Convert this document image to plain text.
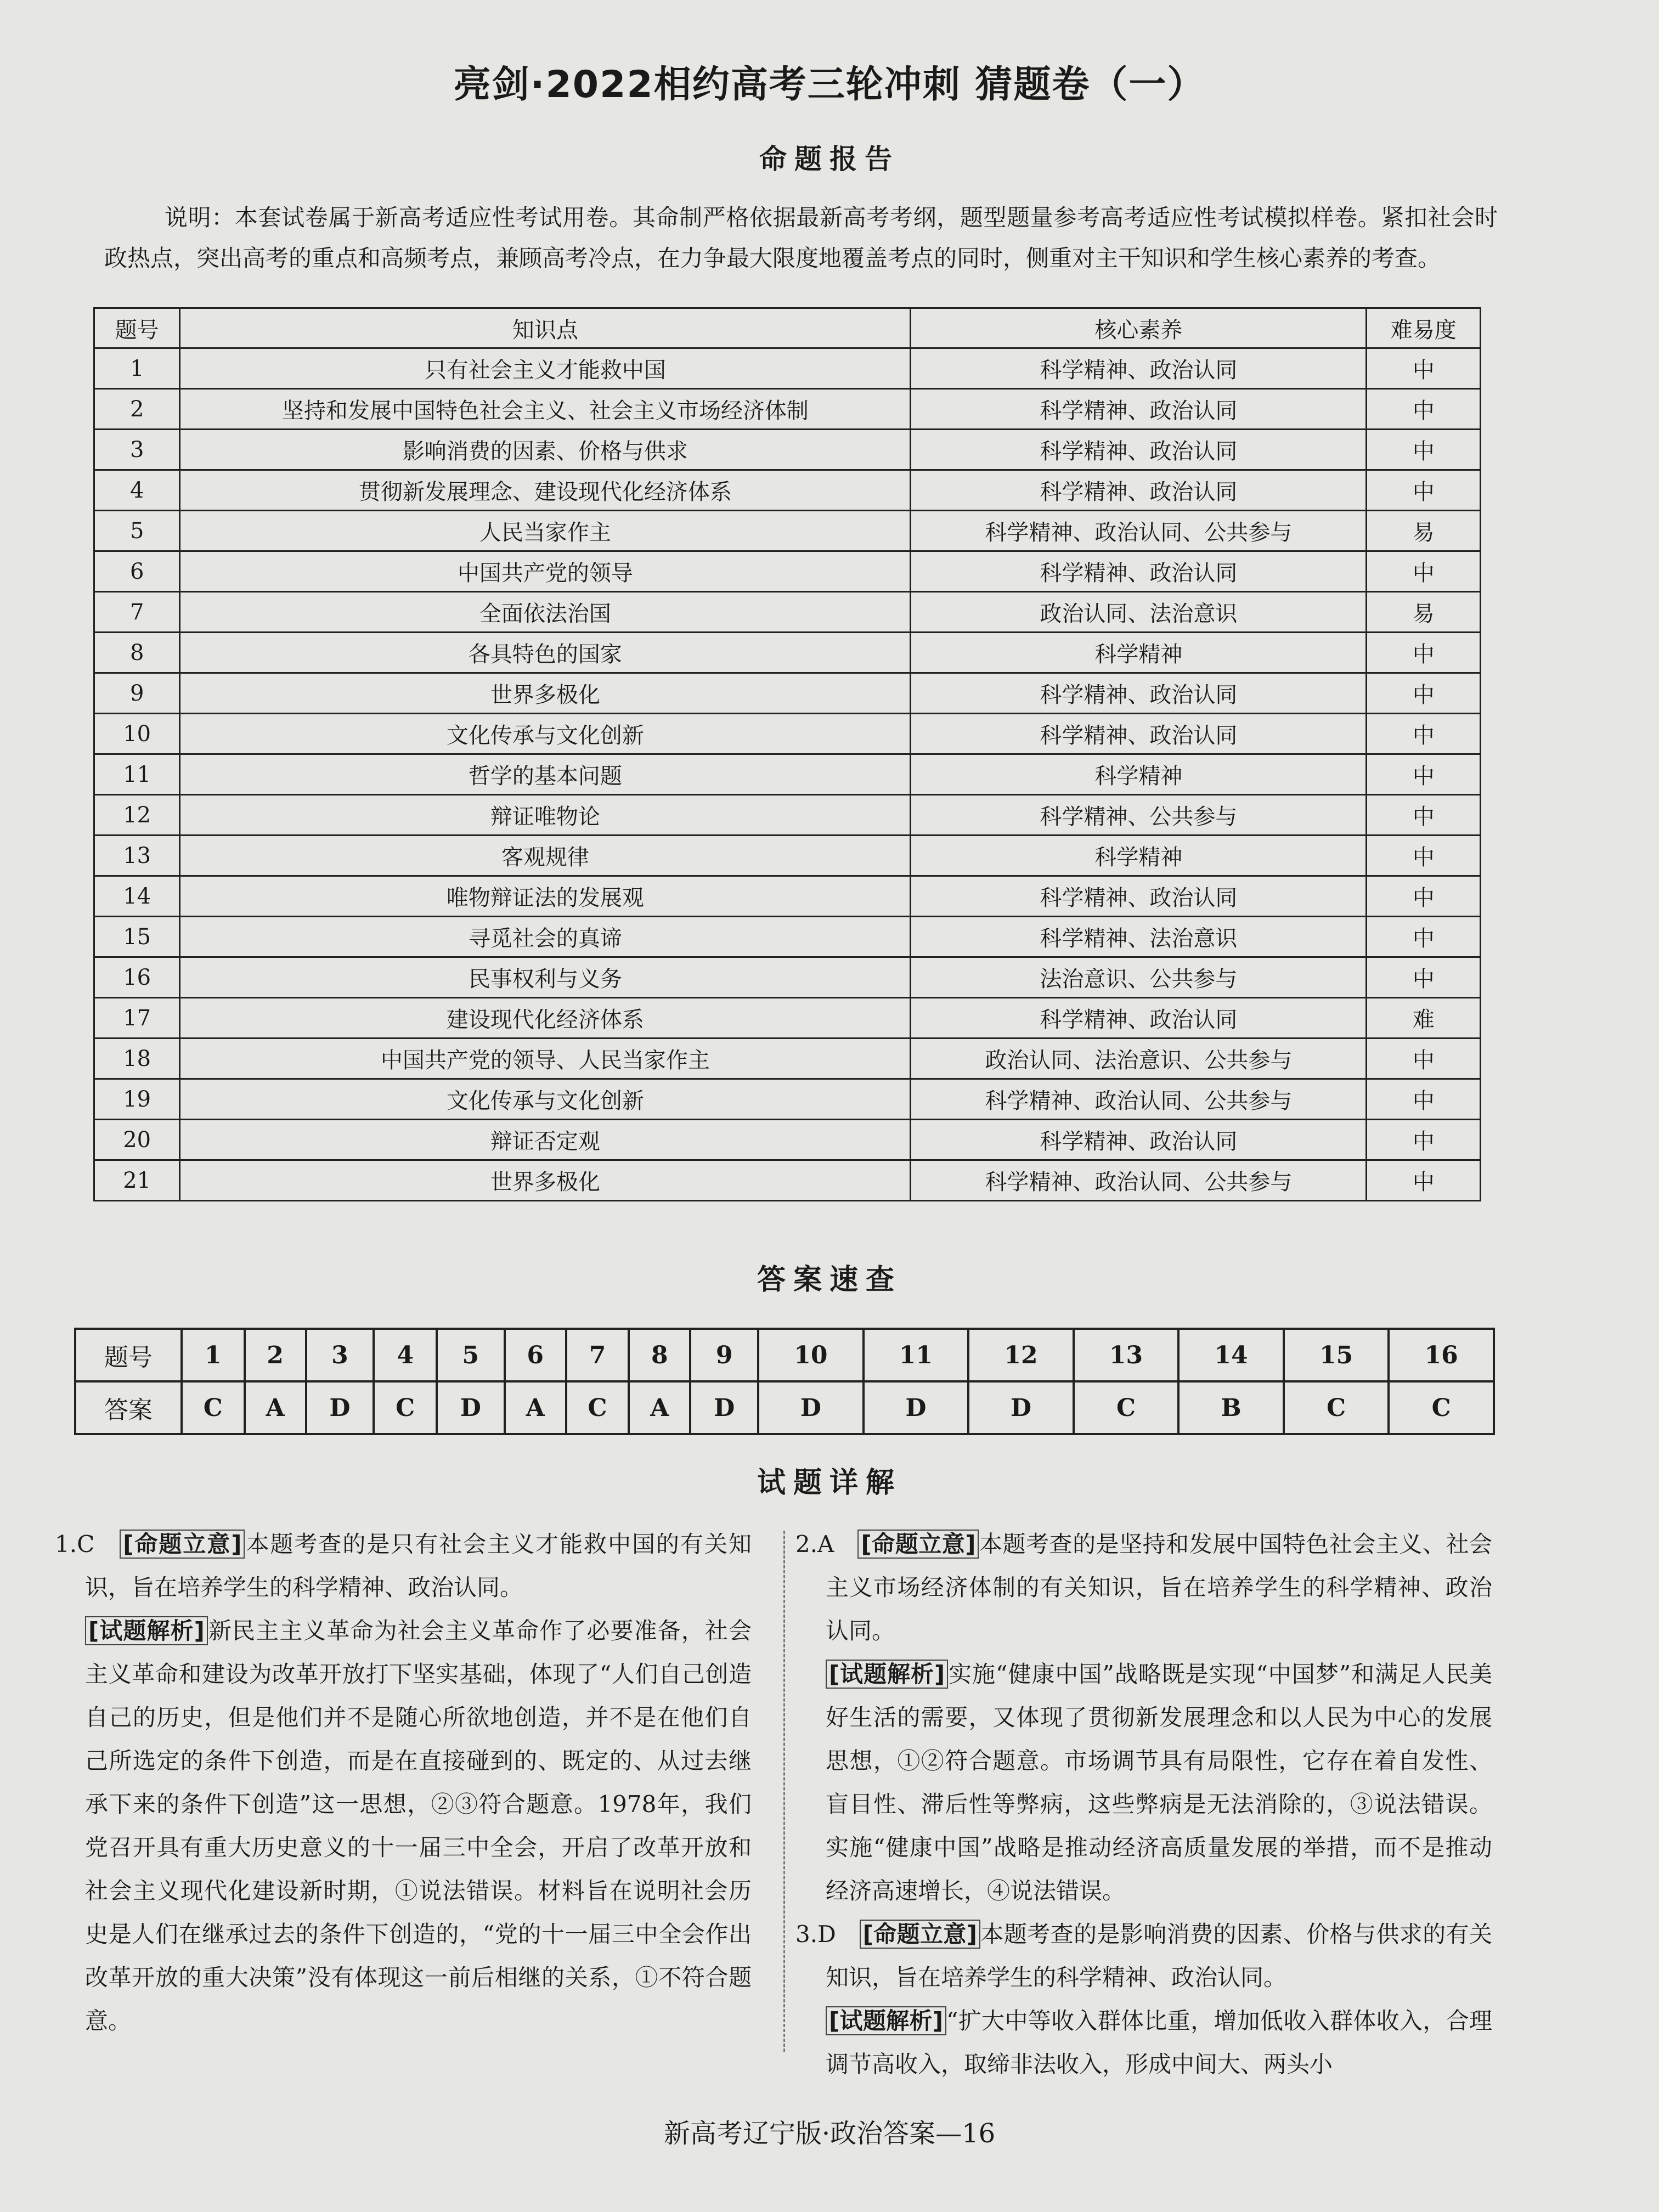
亮剑·2022相约高考三轮冲刺 猜题卷（一）
命题报告
说明：本套试卷属于新高考适应性考试用卷。其命制严格依据最新高考考纲，题型题量参考高考适应性考试模拟样卷。紧扣社会时政热点，突出高考的重点和高频考点，兼顾高考冷点，在力争最大限度地覆盖考点的同时，侧重对主干知识和学生核心素养的考查。
题号	知识点	核心素养	难易度
1	只有社会主义才能救中国	科学精神、政治认同	中
2	坚持和发展中国特色社会主义、社会主义市场经济体制	科学精神、政治认同	中
3	影响消费的因素、价格与供求	科学精神、政治认同	中
4	贯彻新发展理念、建设现代化经济体系	科学精神、政治认同	中
5	人民当家作主	科学精神、政治认同、公共参与	易
6	中国共产党的领导	科学精神、政治认同	中
7	全面依法治国	政治认同、法治意识	易
8	各具特色的国家	科学精神	中
9	世界多极化	科学精神、政治认同	中
10	文化传承与文化创新	科学精神、政治认同	中
11	哲学的基本问题	科学精神	中
12	辩证唯物论	科学精神、公共参与	中
13	客观规律	科学精神	中
14	唯物辩证法的发展观	科学精神、政治认同	中
15	寻觅社会的真谛	科学精神、法治意识	中
16	民事权利与义务	法治意识、公共参与	中
17	建设现代化经济体系	科学精神、政治认同	难
18	中国共产党的领导、人民当家作主	政治认同、法治意识、公共参与	中
19	文化传承与文化创新	科学精神、政治认同、公共参与	中
20	辩证否定观	科学精神、政治认同	中
21	世界多极化	科学精神、政治认同、公共参与	中
答案速查
题号	1	2	3	4	5	6	7	8	9	10	11	12	13	14	15	16
答案	C	A	D	C	D	A	C	A	D	D	D	D	C	B	C	C
试题详解

1.C　 [命题立意] 本题考查的是只有社会主义才能救中国的有关知识，旨在培养学生的科学精神、政治认同。

[试题解析] 新民主主义革命为社会主义革命作了必要准备，社会主义革命和建设为改革开放打下坚实基础，体现了“人们自己创造自己的历史，但是他们并不是随心所欲地创造，并不是在他们自己所选定的条件下创造，而是在直接碰到的、既定的、从过去继承下来的条件下创造”这一思想，②③符合题意。1978年，我们党召开具有重大历史意义的十一届三中全会，开启了改革开放和社会主义现代化建设新时期，①说法错误。材料旨在说明社会历史是人们在继承过去的条件下创造的，“党的十一届三中全会作出改革开放的重大决策”没有体现这一前后相继的关系，①不符合题意。

2.A　 [命题立意] 本题考查的是坚持和发展中国特色社会主义、社会主义市场经济体制的有关知识，旨在培养学生的科学精神、政治认同。

[试题解析] 实施“健康中国”战略既是实现“中国梦”和满足人民美好生活的需要，又体现了贯彻新发展理念和以人民为中心的发展思想，①②符合题意。市场调节具有局限性，它存在着自发性、盲目性、滞后性等弊病，这些弊病是无法消除的，③说法错误。实施“健康中国”战略是推动经济高质量发展的举措，而不是推动经济高速增长，④说法错误。

3.D　 [命题立意] 本题考查的是影响消费的因素、价格与供求的有关知识，旨在培养学生的科学精神、政治认同。

[试题解析] “扩大中等收入群体比重，增加低收入群体收入，合理调节高收入，取缔非法收入，形成中间大、两头小

新高考辽宁版·政治答案—16
